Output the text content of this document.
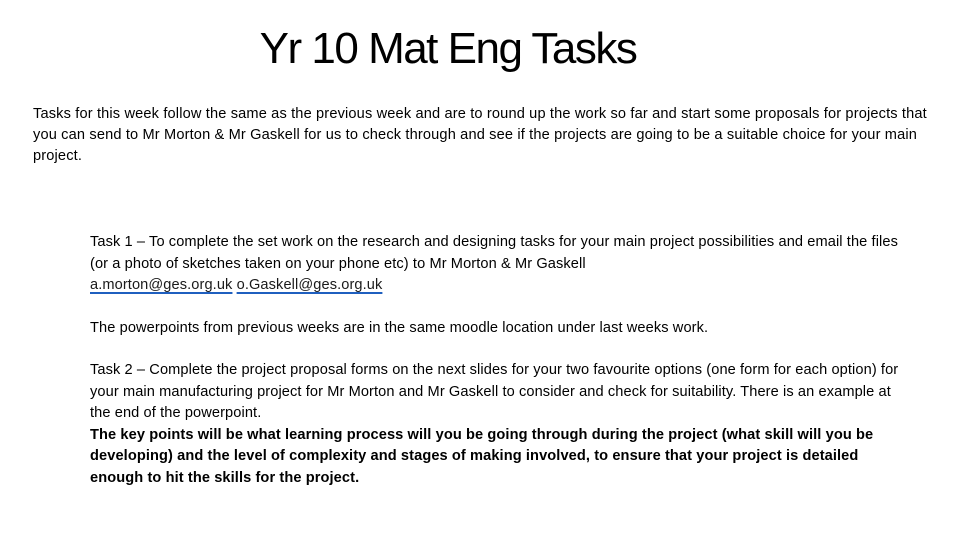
Yr 10 Mat Eng Tasks

Tasks for this week follow the same as the previous week and are to round up the work so far and start some proposals for projects that you can send to Mr Morton & Mr Gaskell for us to check through and see if the projects are going to be a suitable choice for your main project.

Task 1 – To complete the set work on the research and designing tasks for your main project possibilities and email the files (or a photo of sketches taken on your phone etc) to Mr Morton & Mr Gaskell
a.morton@ges.org.uk o.Gaskell@ges.org.uk

The powerpoints from previous weeks are in the same moodle location under last weeks work.

Task 2 – Complete the project proposal forms on the next slides for your two favourite options (one form for each option) for your main manufacturing project for Mr Morton and Mr Gaskell to consider and check for suitability. There is an example at the end of the powerpoint.

The key points will be what learning process will you be going through during the project (what skill will you be developing) and the level of complexity and stages of making involved, to ensure that your project is detailed enough to hit the skills for the project.
